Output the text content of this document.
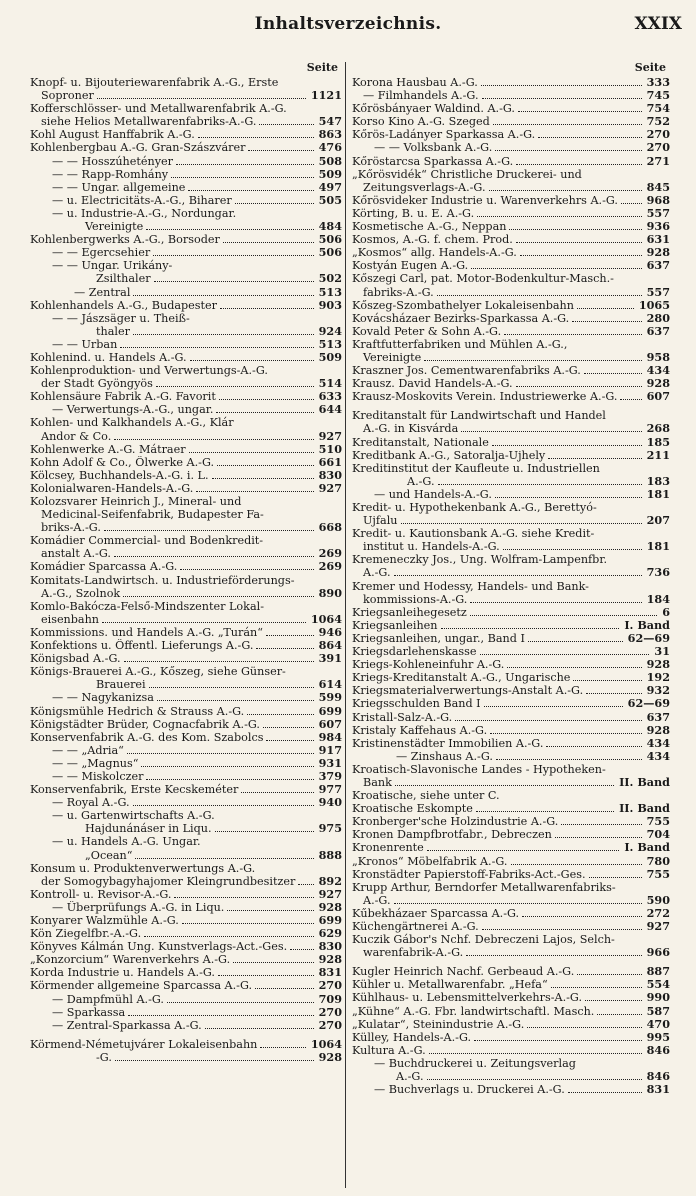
Inhaltsverzeichnis.	XXIX
Seite
Knopf- u. Bijouteriewarenfabrik A.-G., Erste
Soproner	1121
Kofferschlösser- und Metallwarenfabrik A.-G.
siehe Helios Metallwarenfabriks-A.-G.	547
Kohl August Hanffabrik A.-G.	863
Kohlenbergbau A.-G. Gran-Szászvárer	476
— — Hosszúhetényer	508
— — Rapp-Romhány	509
— — Ungar. allgemeine	497
— u. Electricitäts-A.-G., Biharer	505
— u. Industrie-A.-G., Nordungar.
Vereinigte	484
Kohlenbergwerks A.-G., Borsoder	506
— — Egercsehier	506
— — Ungar. Urikány-
Zsilthaler	502
— Zentral	513
Kohlenhandels A.-G., Budapester	903
— — Jászsäger u. Theiß-
thaler	924
— — Urban	513
Kohlenind. u. Handels A.-G.	509
Kohlenproduktion- und Verwertungs-A.-G.
der Stadt Gyöngyös	514
Kohlensäure Fabrik A.-G. Favorit	633
— Verwertungs-A.-G., ungar.	644
Kohlen- und Kalkhandels A.-G., Klár
Andor & Co.	927
Kohlenwerke A.-G. Mátraer	510
Kohn Adolf & Co., Ölwerke A.-G.	661
Kölcsey, Buchhandels-A.-G. i. L.	830
Kolonialwaren-Handels-A.-G.	927
Kolozsvarer Heinrich J., Mineral- und
Medicinal-Seifenfabrik, Budapester Fa-
briks-A.-G.	668
Komádier Commercial- und Bodenkredit-
anstalt A.-G.	269
Komádier Sparcassa A.-G.	269
Komitats-Landwirtsch. u. Industrieförderungs-
A.-G., Szolnok	890
Komlo-Bakócza-Felső-Mindszenter Lokal-
eisenbahn	1064
Kommissions. und Handels A.-G. „Turán“	946
Konfektions u. Öffentl. Lieferungs A.-G.	864
Königsbad A.-G.	391
Königs-Brauerei A.-G., Kőszeg, siehe Günser-
Brauerei	614
— — Nagykanizsa	599
Königsmühle Hedrich & Strauss A.-G.	699
Königstädter Brüder, Cognacfabrik A.-G.	607
Konservenfabrik A.-G. des Kom. Szabolcs	984
— — „Adria“	917
— — „Magnus“	931
— — Miskolczer	379
Konservenfabrik, Erste Kecskeméter	977
— Royal A.-G.	940
— u. Gartenwirtschafts A.-G.
Hajdunánáser in Liqu.	975
— u. Handels A.-G. Ungar.
„Ocean“	888
Konsum u. Produktenverwertungs A.-G.
der Somogybagyhajomer Kleingrundbesitzer 892
Kontroll- u. Revisor-A.-G.	927
— Überprüfungs A.-G. in Liqu.	928
Konyarer Walzmühle A.-G.	699
Kön Ziegelfbr.-A.-G.	629
Könyves Kálmán Ung. Kunstverlags-Act.-Ges.	830
„Konzorcium“ Warenverkehrs A.-G.	928
Korda Industrie u. Handels A.-G.	831
Körmender allgemeine Sparcassa A.-G.	270
— Dampfmühl A.-G.	709
— Sparkassa	270
— Zentral-Sparkassa A.-G.	270
Körmend-Németujvárer Lokaleisenbahn	1064
-G.	928
Seite
Korona Hausbau A.-G.	333
— Filmhandels A.-G.	745
Kőrösbányaer Waldind. A.-G.	754
Korso Kino A.-G. Szeged	752
Kőrös-Ladányer Sparkassa A.-G.	270
— — Volksbank A.-G.	270
Kőröstarcsa Sparkassa A.-G.	271
„Kőrösvidék“ Christliche Druckerei- und
Zeitungsverlags-A.-G.	845
Kőrösvideker Industrie u. Warenverkehrs A.-G.	968
Körting, B. u. E. A.-G.	557
Kosmetische A.-G., Neppan	936
Kosmos, A.-G. f. chem. Prod.	631
„Kosmos“ allg. Handels-A.-G.	928
Kostyán Eugen A.-G.	637
Kőszegi Carl, pat. Motor-Bodenkultur-Masch.-
fabriks-A.-G.	557
Kőszeg-Szombathelyer Lokaleisenbahn	1065
Kovácsházaer Bezirks-Sparkassa A.-G.	280
Kovald Peter & Sohn A.-G.	637
Kraftfutterfabriken und Mühlen A.-G.,
Vereinigte	958
Kraszner Jos. Cementwarenfabriks A.-G.	434
Krausz. David Handels-A.-G.	928
Krausz-Moskovits Verein. Industriewerke A.-G.	607
Kreditanstalt für Landwirtschaft und Handel
A.-G. in Kisvárda	268
Kreditanstalt, Nationale	185
Kreditbank A.-G., Satoralja-Ujhely	211
Kreditinstitut der Kaufleute u. Industriellen
A.-G.	183
— und Handels-A.-G.	181
Kredit- u. Hypothekenbank A.-G., Berettyó-
Ujfalu	207
Kredit- u. Kautionsbank A.-G. siehe Kredit-
institut u. Handels-A.-G.	181
Kremeneczky Jos., Ung. Wolfram-Lampenfbr.
A.-G.	736
Kremer und Hodessy, Handels- und Bank-
kommissions-A.-G.	184
Kriegsanleihegesetz	6
Kriegsanleihen	I. Band
Kriegsanleihen, ungar., Band I	62—69
Kriegsdarlehenskasse	31
Kriegs-Kohleneinfuhr A.-G.	928
Kriegs-Kreditanstalt A.-G., Ungarische	192
Kriegsmaterialverwertungs-Anstalt A.-G.	932
Kriegsschulden Band I	62—69
Kristall-Salz-A.-G.	637
Kristaly Kaffehaus A.-G.	928
Kristinenstädter Immobilien A.-G.	434
— Zinshaus A.-G.	434
Kroatisch-Slavonische Landes - Hypotheken-
Bank	II. Band
Kroatische, siehe unter C.
Kroatische Eskompte	II. Band
Kronberger'sche Holzindustrie A.-G.	755
Kronen Dampfbrotfabr., Debreczen	704
Kronenrente	I. Band
„Kronos“ Möbelfabrik A.-G.	780
Kronstädter Papierstoff-Fabriks-Act.-Ges.	755
Krupp Arthur, Berndorfer Metallwarenfabriks-
A.-G.	590
Kűbekházaer Sparcassa A.-G.	272
Küchengärtnerei A.-G.	927
Kuczik Gábor's Nchf. Debreczeni Lajos, Selch-
warenfabrik-A.-G.	966
Kugler Heinrich Nachf. Gerbeaud A.-G.	887
Kühler u. Metallwarenfabr. „Hefa“	554
Kühlhaus- u. Lebensmittelverkehrs-A.-G.	990
„Kühne“ A.-G. Fbr. landwirtschaftl. Masch.	587
„Kulatar“, Steinindustrie A.-G.	470
Külley, Handels-A.-G.	995
Kultura A.-G.	846
— Buchdruckerei u. Zeitungsverlag
A.-G.	846
— Buchverlags u. Druckerei A.-G.	831
